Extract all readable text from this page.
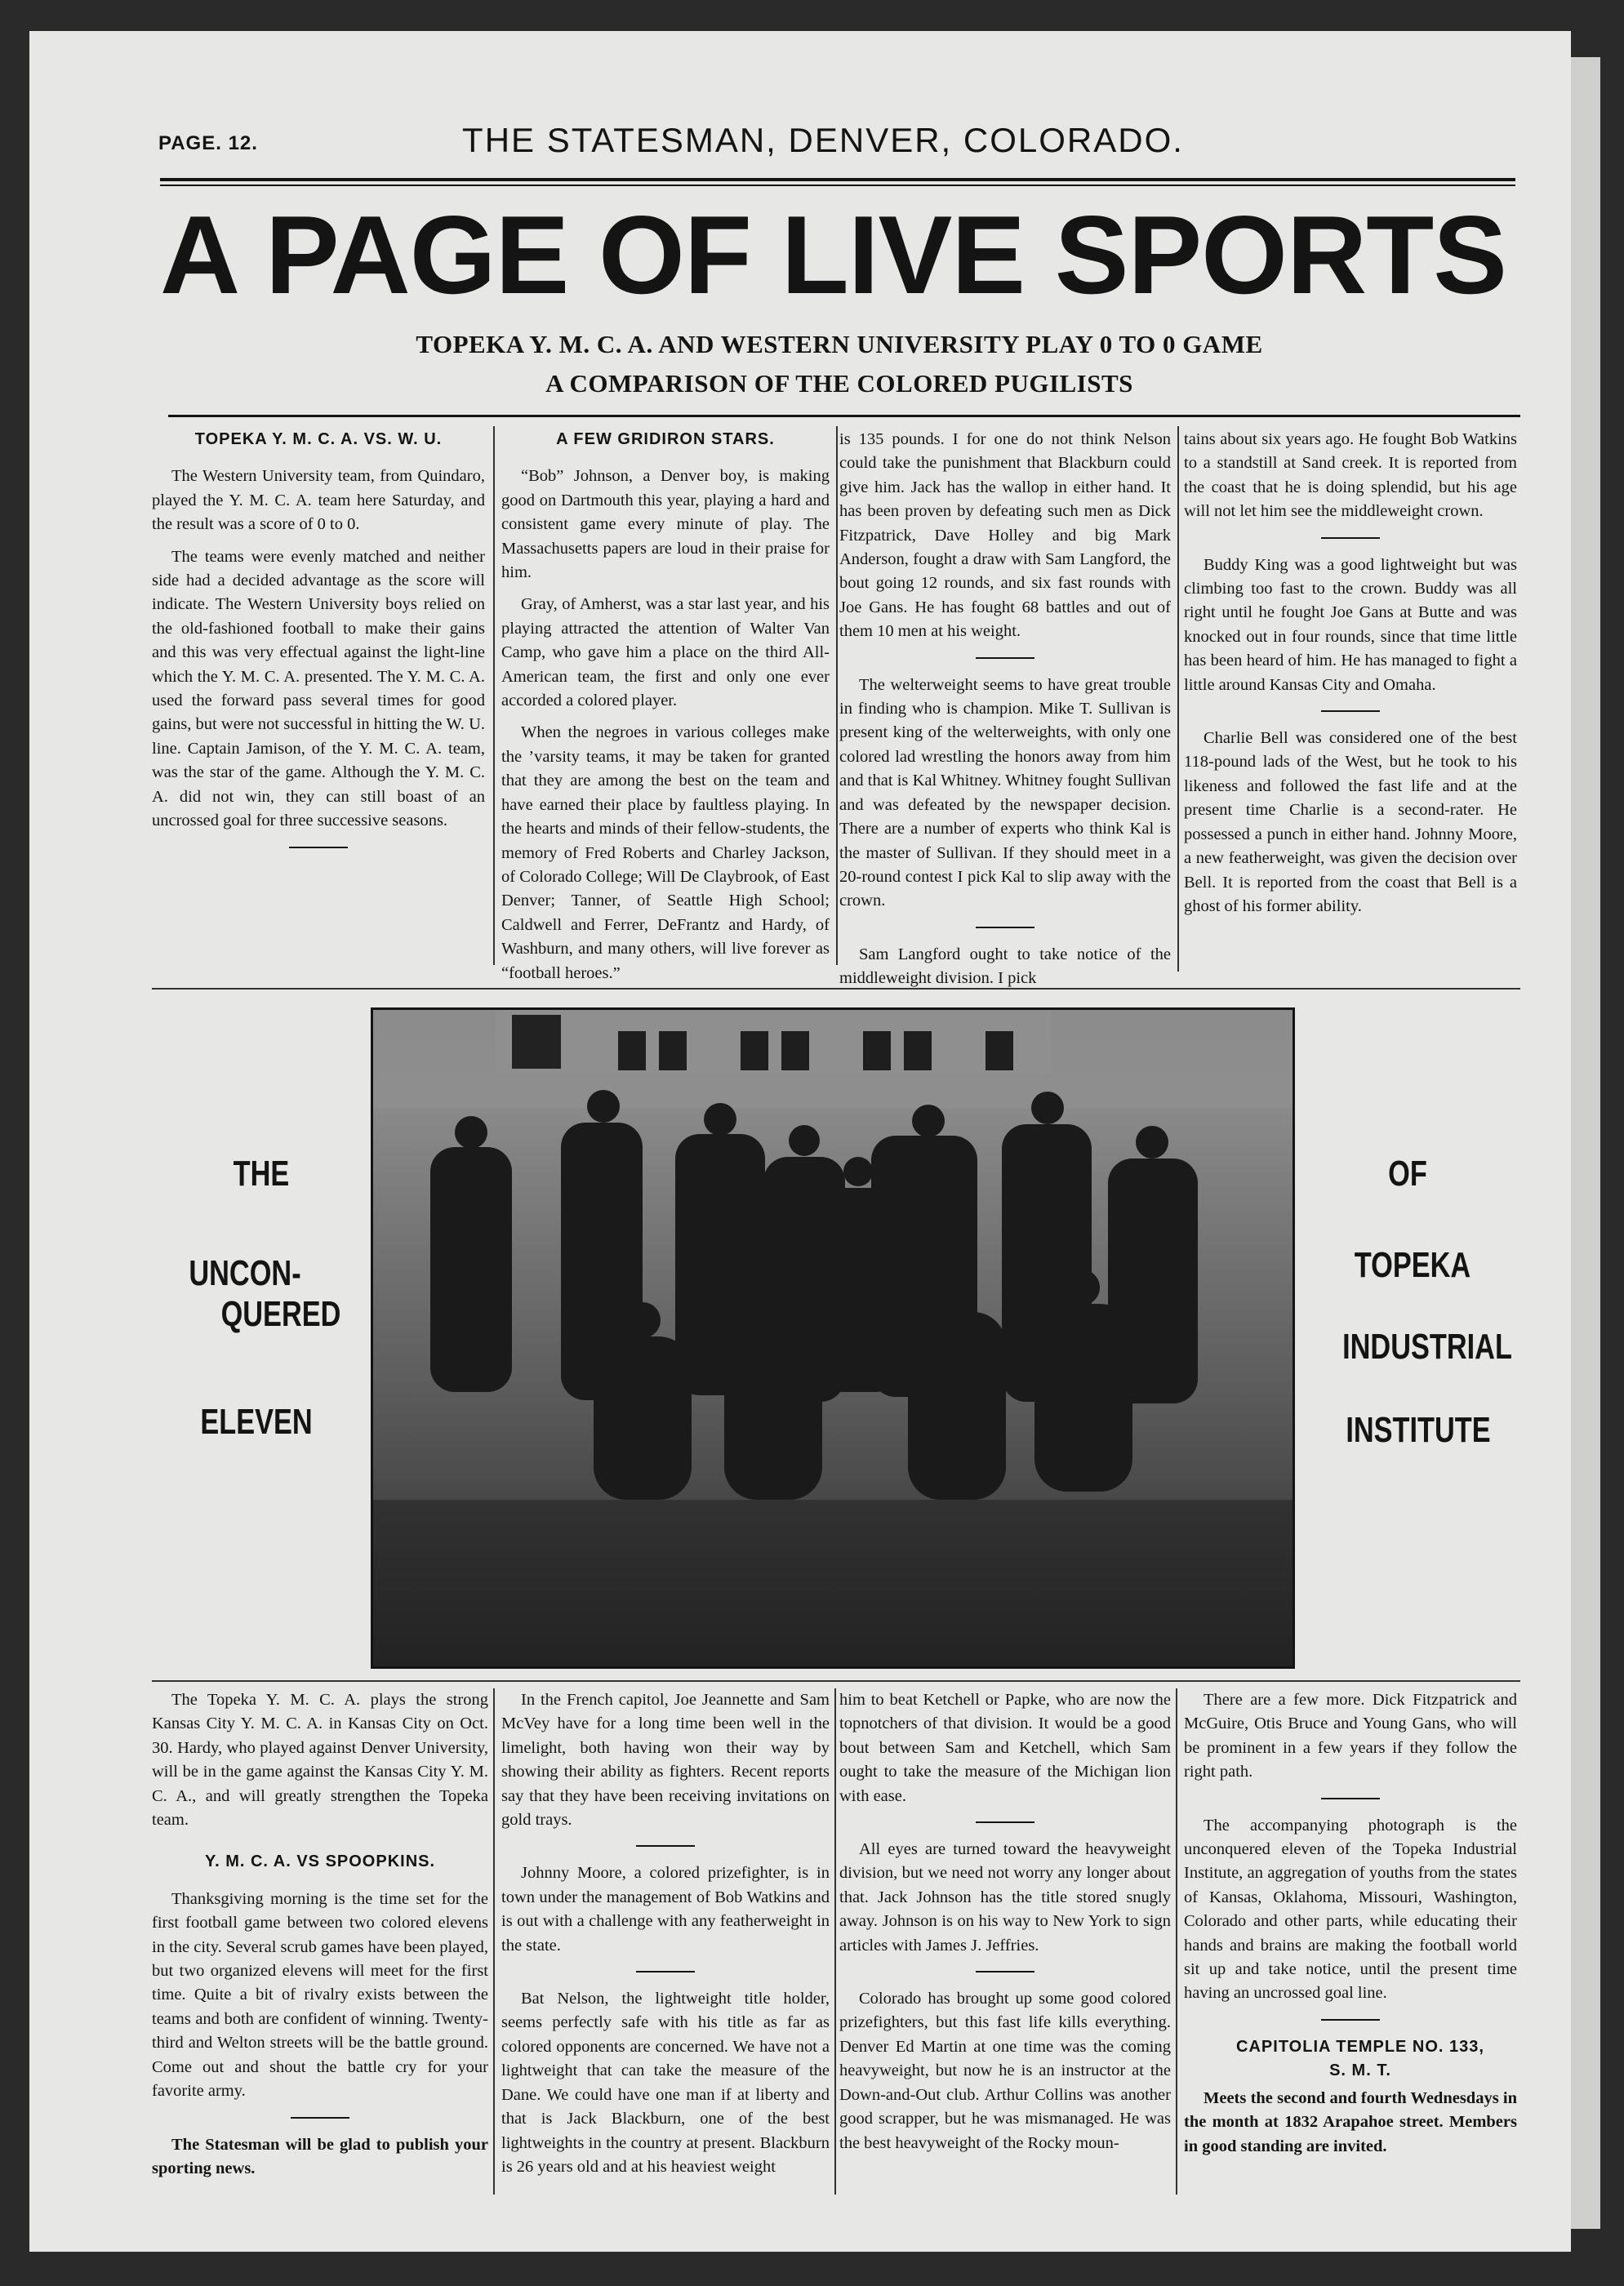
PAGE. 12.	THE STATESMAN, DENVER, COLORADO.
A PAGE OF LIVE SPORTS
TOPEKA Y. M. C. A. AND WESTERN UNIVERSITY PLAY 0 TO 0 GAME
A COMPARISON OF THE COLORED PUGILISTS

TOPEKA Y. M. C. A. VS. W. U.

The Western University team, from Quindaro, played the Y. M. C. A. team here Saturday, and the result was a score of 0 to 0.

The teams were evenly matched and neither side had a decided advantage as the score will indicate. The Western University boys relied on the old-fashioned football to make their gains and this was very effectual against the light-line which the Y. M. C. A. presented. The Y. M. C. A. used the forward pass several times for good gains, but were not successful in hitting the W. U. line. Captain Jamison, of the Y. M. C. A. team, was the star of the game. Although the Y. M. C. A. did not win, they can still boast of an uncrossed goal for three successive seasons.

A FEW GRIDIRON STARS.

“Bob” Johnson, a Denver boy, is making good on Dartmouth this year, playing a hard and consistent game every minute of play. The Massachusetts papers are loud in their praise for him.

Gray, of Amherst, was a star last year, and his playing attracted the attention of Walter Van Camp, who gave him a place on the third All-American team, the first and only one ever accorded a colored player.

When the negroes in various colleges make the ’varsity teams, it may be taken for granted that they are among the best on the team and have earned their place by faultless playing. In the hearts and minds of their fellow-students, the memory of Fred Roberts and Charley Jackson, of Colorado College; Will De Claybrook, of East Denver; Tanner, of Seattle High School; Caldwell and Ferrer, DeFrantz and Hardy, of Washburn, and many others, will live forever as “football heroes.”

is 135 pounds. I for one do not think Nelson could take the punishment that Blackburn could give him. Jack has the wallop in either hand. It has been proven by defeating such men as Dick Fitzpatrick, Dave Holley and big Mark Anderson, fought a draw with Sam Langford, the bout going 12 rounds, and six fast rounds with Joe Gans. He has fought 68 battles and out of them 10 men at his weight.

The welterweight seems to have great trouble in finding who is champion. Mike T. Sullivan is present king of the welterweights, with only one colored lad wrestling the honors away from him and that is Kal Whitney. Whitney fought Sullivan and was defeated by the newspaper decision. There are a number of experts who think Kal is the master of Sullivan. If they should meet in a 20-round contest I pick Kal to slip away with the crown.

Sam Langford ought to take notice of the middleweight division. I pick

tains about six years ago. He fought Bob Watkins to a standstill at Sand creek. It is reported from the coast that he is doing splendid, but his age will not let him see the middleweight crown.

Buddy King was a good lightweight but was climbing too fast to the crown. Buddy was all right until he fought Joe Gans at Butte and was knocked out in four rounds, since that time little has been heard of him. He has managed to fight a little around Kansas City and Omaha.

Charlie Bell was considered one of the best 118-pound lads of the West, but he took to his likeness and followed the fast life and at the present time Charlie is a second-rater. He possessed a punch in either hand. Johnny Moore, a new featherweight, was given the decision over Bell. It is reported from the coast that Bell is a ghost of his former ability.

THE
UNCON-
QUERED
ELEVEN
OF
TOPEKA
INDUSTRIAL
INSTITUTE

The Topeka Y. M. C. A. plays the strong Kansas City Y. M. C. A. in Kansas City on Oct. 30. Hardy, who played against Denver University, will be in the game against the Kansas City Y. M. C. A., and will greatly strengthen the Topeka team.

Y. M. C. A. VS SPOOPKINS.

Thanksgiving morning is the time set for the first football game between two colored elevens in the city. Several scrub games have been played, but two organized elevens will meet for the first time. Quite a bit of rivalry exists between the teams and both are confident of winning. Twenty-third and Welton streets will be the battle ground. Come out and shout the battle cry for your favorite army.

The Statesman will be glad to publish your sporting news.

In the French capitol, Joe Jeannette and Sam McVey have for a long time been well in the limelight, both having won their way by showing their ability as fighters. Recent reports say that they have been receiving invitations on gold trays.

Johnny Moore, a colored prizefighter, is in town under the management of Bob Watkins and is out with a challenge with any featherweight in the state.

Bat Nelson, the lightweight title holder, seems perfectly safe with his title as far as colored opponents are concerned. We have not a lightweight that can take the measure of the Dane. We could have one man if at liberty and that is Jack Blackburn, one of the best lightweights in the country at present. Blackburn is 26 years old and at his heaviest weight

him to beat Ketchell or Papke, who are now the topnotchers of that division. It would be a good bout between Sam and Ketchell, which Sam ought to take the measure of the Michigan lion with ease.

All eyes are turned toward the heavyweight division, but we need not worry any longer about that. Jack Johnson has the title stored snugly away. Johnson is on his way to New York to sign articles with James J. Jeffries.

Colorado has brought up some good colored prizefighters, but this fast life kills everything. Denver Ed Martin at one time was the coming heavyweight, but now he is an instructor at the Down-and-Out club. Arthur Collins was another good scrapper, but he was mismanaged. He was the best heavyweight of the Rocky moun-

There are a few more. Dick Fitzpatrick and McGuire, Otis Bruce and Young Gans, who will be prominent in a few years if they follow the right path.

The accompanying photograph is the unconquered eleven of the Topeka Industrial Institute, an aggregation of youths from the states of Kansas, Oklahoma, Missouri, Washington, Colorado and other parts, while educating their hands and brains are making the football world sit up and take notice, until the present time having an uncrossed goal line.

CAPITOLIA TEMPLE NO. 133,

S. M. T.

Meets the second and fourth Wednesdays in the month at 1832 Arapahoe street. Members in good standing are invited.
